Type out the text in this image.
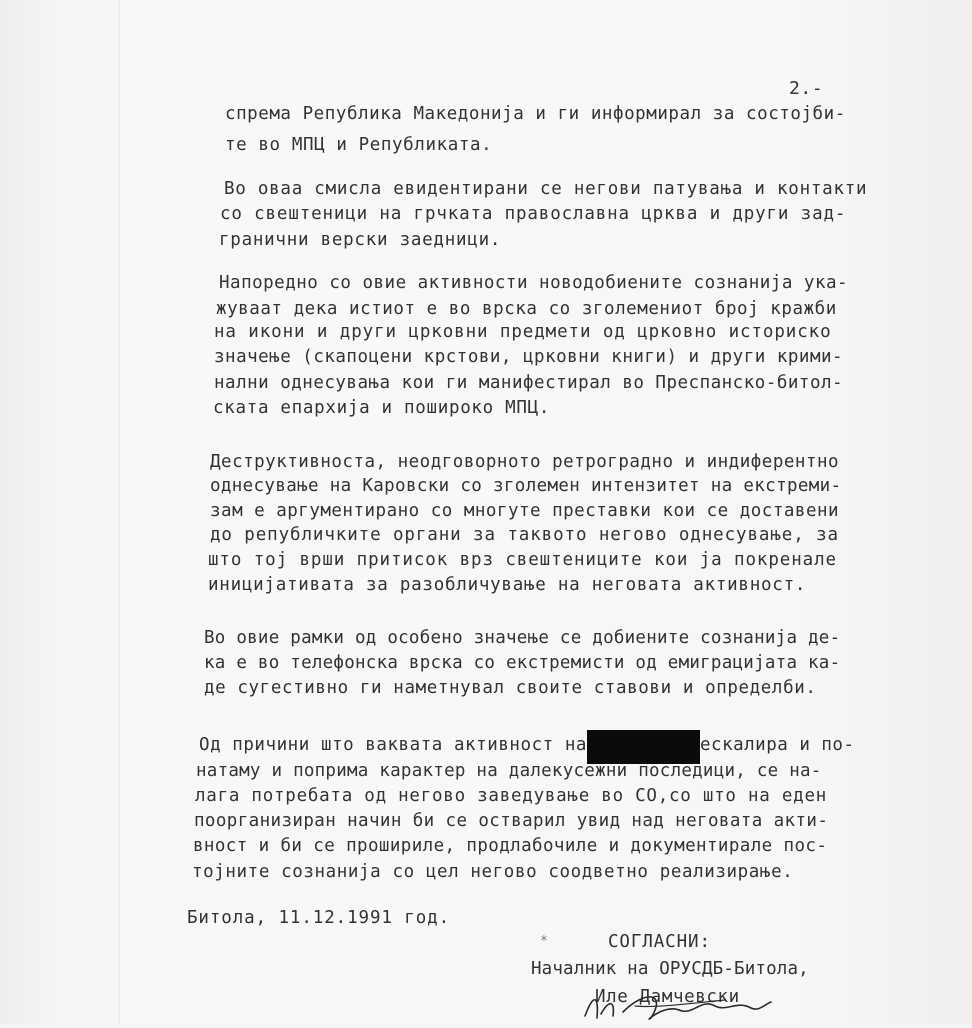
2.-
спрема Република Македонија и ги информирал за состојби-
те во МПЦ и Републиката.
Во оваа смисла евидентирани се негови патувања и контакти
со свештеници на грчката православна црква и други зад-
гранични верски заедници.
Напоредно со овие активности новодобиените сознанија ука-
жуваат дека истиот е во врска со зголемениот број кражби
на икони и други црковни предмети од црковно историско
значење (скапоцени крстови, црковни книги) и други крими-
нални однесувања кои ги манифестирал во Преспанско-битол-
ската епархија и пошироко МПЦ.
Деструктивноста, неодговорното ретроградно и индиферентно
однесување на Каровски со зголемен интензитет на екстреми-
зам е аргументирано со многуте преставки кои се доставени
до републичките органи за таквото негово однесување, за
што тој врши притисок врз свештениците кои ја покренале
иницијативата за разобличување на неговата активност.
Во овие рамки од особено значење се добиените сознанија де-
ка е во телефонска врска со екстремисти од емиграцијата ка-
де сугестивно ги наметнувал своите ставови и определби.
Од причини што ваквата активност на	ескалира и по-
натаму и поприма карактер на далекусежни последици, се на-
лага потребата од негово заведување во СО,со што на еден
поорганизиран начин би се остварил увид над неговата акти-
вност и би се прошириле, продлабочиле и документирале пос-
тојните сознанија со цел негово соодветно реализирање.
Битола, 11.12.1991 год.
*	СОГЛАСНИ:
Началник на ОРУСДБ-Битола,
Иле Дамчевски
